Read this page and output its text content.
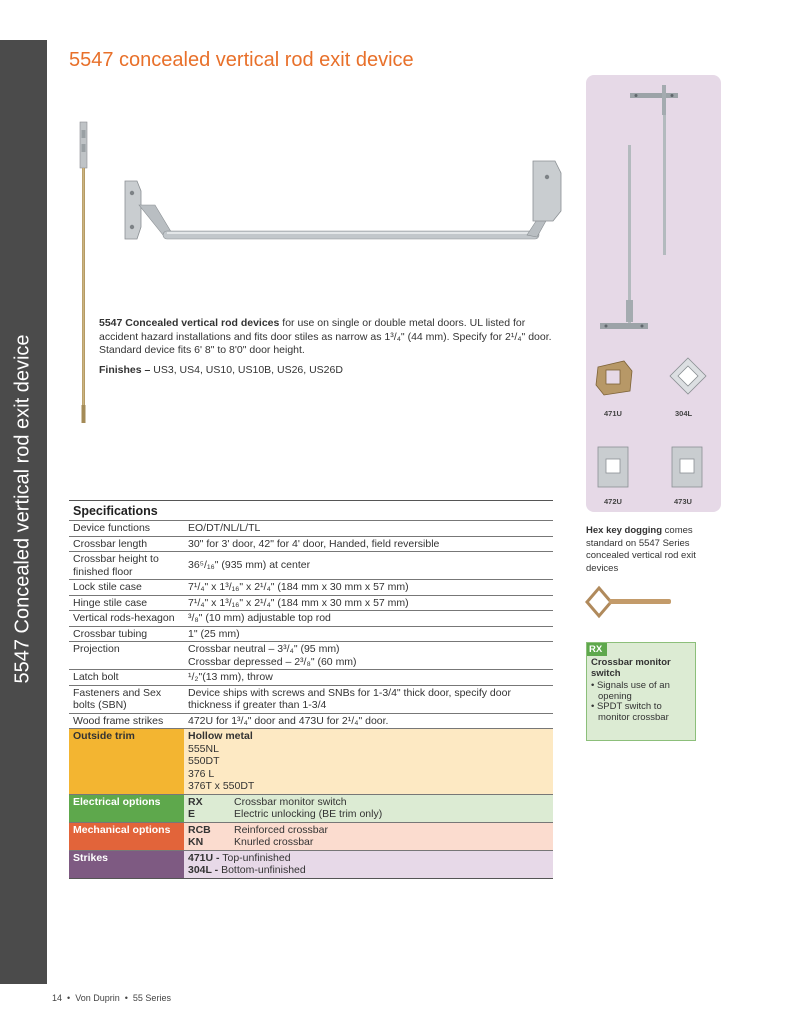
5547 Concealed vertical rod exit device
5547 concealed vertical rod exit device
5547 Concealed vertical rod devices for use on single or double metal doors. UL listed for accident hazard installations and fits door stiles as narrow as 1³/₄" (44 mm). Specify for 2¹/₄" door. Standard device fits 6' 8" to 8'0" door height.
Finishes – US3, US4, US10, US10B, US26, US26D
471U	304L
472U	473U
Hex key dogging comes standard on 5547 Series concealed vertical rod exit devices
RX
Crossbar monitor switch
• Signals use of an opening
• SPDT switch to monitor crossbar
Specifications
Device functions	EO/DT/NL/L/TL
Crossbar length	30" for 3' door, 42" for 4' door, Handed, field reversible
Crossbar height to finished floor	36⁵/₁₆" (935 mm) at center
Lock stile case	7¹/₄" x 1³/₁₆" x 2¹/₄" (184 mm x 30 mm x 57 mm)
Hinge stile case	7¹/₄" x 1³/₁₆" x 2¹/₄" (184 mm x 30 mm x 57 mm)
Vertical rods-hexagon	³/₈" (10 mm) adjustable top rod
Crossbar tubing	1" (25 mm)
Projection	Crossbar neutral – 3³/₄" (95 mm)
Crossbar depressed – 2³/₈" (60 mm)

Latch bolt	¹/₂"(13 mm), throw
Fasteners and Sex bolts (SBN)	Device ships with screws and SNBs for 1-3/4" thick door, specify door thickness if greater than 1-3/4
Wood frame strikes	472U for 1³/₄" door and 473U for 2¹/₄" door.
Outside trim	Hollow metal
555NL
550DT
376 L
376T x 550DT

Electrical options	RX Crossbar monitor switch
E Electric unlocking (BE trim only)

Mechanical options	RCB Reinforced crossbar
KN Knurled crossbar

Strikes	471U - Top-unfinished
304L - Bottom-unfinished
14 • Von Duprin • 55 Series
